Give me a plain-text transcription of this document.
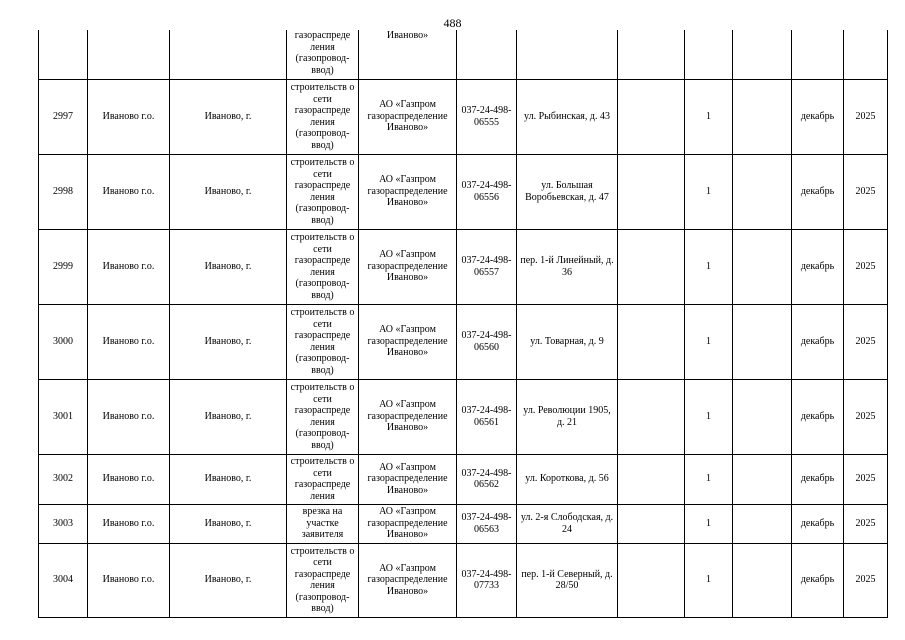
488
			газораспреде ления (газопровод-ввод)	Иваново»							
2997	Иваново г.о.	Иваново, г.	строительств о сети газораспреде ления (газопровод-ввод)	АО «Газпром газораспределение Иваново»	037-24-498-06555	ул. Рыбинская, д. 43		1		декабрь	2025
2998	Иваново г.о.	Иваново, г.	строительств о сети газораспреде ления (газопровод-ввод)	АО «Газпром газораспределение Иваново»	037-24-498-06556	ул. Большая Воробьевская, д. 47		1		декабрь	2025
2999	Иваново г.о.	Иваново, г.	строительств о сети газораспреде ления (газопровод-ввод)	АО «Газпром газораспределение Иваново»	037-24-498-06557	пер. 1-й Линейный, д. 36		1		декабрь	2025
3000	Иваново г.о.	Иваново, г.	строительств о сети газораспреде ления (газопровод-ввод)	АО «Газпром газораспределение Иваново»	037-24-498-06560	ул. Товарная, д. 9		1		декабрь	2025
3001	Иваново г.о.	Иваново, г.	строительств о сети газораспреде ления (газопровод-ввод)	АО «Газпром газораспределение Иваново»	037-24-498-06561	ул. Революции 1905, д. 21		1		декабрь	2025
3002	Иваново г.о.	Иваново, г.	строительств о сети газораспреде ления	АО «Газпром газораспределение Иваново»	037-24-498-06562	ул. Короткова, д. 56		1		декабрь	2025
3003	Иваново г.о.	Иваново, г.	врезка на участке заявителя	АО «Газпром газораспределение Иваново»	037-24-498-06563	ул. 2-я Слободская, д. 24		1		декабрь	2025
3004	Иваново г.о.	Иваново, г.	строительств о сети газораспреде ления (газопровод-ввод)	АО «Газпром газораспределение Иваново»	037-24-498-07733	пер. 1-й Северный, д. 28/50		1		декабрь	2025
